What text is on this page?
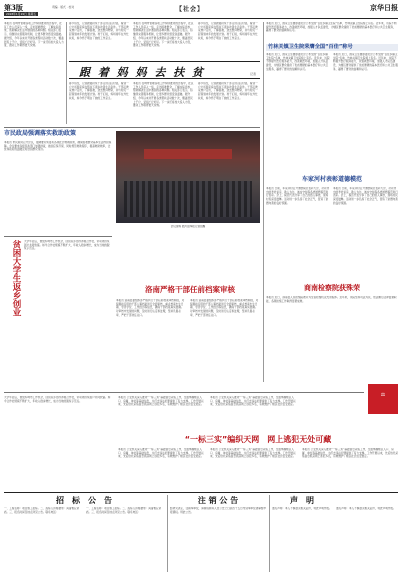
第3版
2018年1月19日 星期五
责编 · 版式 · 校对	【社会】	京华日报
本报讯 在城市管理各项工作持续推进的过程中，社区工作人员深入一线，走访困难群众，了解实际需求，帮助解决生活中遇到的各种问题。相关部门表示，将继续完善服务机制，让更多群众感受到温暖。据介绍，今年以来共开展各类帮扶活动数十次，覆盖居民上千户，受到广泛好评。下一步还将加大投入力度，推动工作取得更大实效。
春节将至，记者跟随扶贫干部走进山区村落，看到一户户贫困家庭在帮扶下逐步改善生活条件。干部们挨家挨户走访，了解困难，送去慰问物资，并与村民一起谋划来年的发展计划。孩子们说，妈妈常年在外忙扶贫，如今终于明白了她的工作意义。
本报讯 在城市管理各项工作持续推进的过程中，社区工作人员深入一线，走访困难群众，了解实际需求，帮助解决生活中遇到的各种问题。相关部门表示，将继续完善服务机制，让更多群众感受到温暖。据介绍，今年以来共开展各类帮扶活动数十次，覆盖居民上千户，受到广泛好评。下一步还将加大投入力度，推动工作取得更大实效。
春节将至，记者跟随扶贫干部走进山区村落，看到一户户贫困家庭在帮扶下逐步改善生活条件。干部们挨家挨户走访，了解困难，送去慰问物资，并与村民一起谋划来年的发展计划。孩子们说，妈妈常年在外忙扶贫，如今终于明白了她的工作意义。
跟 着 妈 妈 去 扶 贫	记者
春节将至，记者跟随扶贫干部走进山区村落，看到一户户贫困家庭在帮扶下逐步改善生活条件。干部们挨家挨户走访，了解困难，送去慰问物资，并与村民一起谋划来年的发展计划。孩子们说，妈妈常年在外忙扶贫，如今终于明白了她的工作意义。
本报讯 在城市管理各项工作持续推进的过程中，社区工作人员深入一线，走访困难群众，了解实际需求，帮助解决生活中遇到的各种问题。相关部门表示，将继续完善服务机制，让更多群众感受到温暖。据介绍，今年以来共开展各类帮扶活动数十次，覆盖居民上千户，受到广泛好评。下一步还将加大投入力度，推动工作取得更大实效。
春节将至，记者跟随扶贫干部走进山区村落，看到一户户贫困家庭在帮扶下逐步改善生活条件。干部们挨家挨户走访，了解困难，送去慰问物资，并与村民一起谋划来年的发展计划。孩子们说，妈妈常年在外忙扶贫，如今终于明白了她的工作意义。
本报讯 近日，国家卫生健康委员会公布全国“百佳乡镇卫生院”名单，竹林关镇卫生院榜上有名。近年来，该院不断提升医疗服务能力，改善就医环境，加强人才队伍建设，为辖区群众提供了优质便捷的基本医疗和公共卫生服务，赢得了群众的信赖和认可。
竹林关镇卫生院荣膺全国“百佳”称号
本报讯 近日，国家卫生健康委员会公布全国“百佳乡镇卫生院”名单，竹林关镇卫生院榜上有名。近年来，该院不断提升医疗服务能力，改善就医环境，加强人才队伍建设，为辖区群众提供了优质便捷的基本医疗和公共卫生服务，赢得了群众的信赖和认可。
本报讯 近日，国家卫生健康委员会公布全国“百佳乡镇卫生院”名单，竹林关镇卫生院榜上有名。近年来，该院不断提升医疗服务能力，改善就医环境，加强人才队伍建设，为辖区群众提供了优质便捷的基本医疗和公共卫生服务，赢得了群众的信赖和认可。
市民政局强调落实救助政策
本报讯 市民政局召开会议，强调要切实落实各项社会救助政策，确保困难群众基本生活得到保障。会议要求各级民政部门加强排查，做到应保尽保，同时规范救助程序，提高救助效率，让党和政府的温暖及时送到群众身边。
会议现场 图片由本报记者拍摄
车家河村表彰道德模范
本报讯 日前，车家河村召开道德模范表彰大会，对评选出的孝老爱亲、助人为乐、诚实守信等各类道德模范进行表彰。会上，模范代表分享了自己的感人事迹，现场村民深受鼓舞。活动进一步弘扬了社会正气，营造了崇德向善的良好氛围。
本报讯 日前，车家河村召开道德模范表彰大会，对评选出的孝老爱亲、助人为乐、诚实守信等各类道德模范进行表彰。会上，模范代表分享了自己的感人事迹，现场村民深受鼓舞。活动进一步弘扬了社会正气，营造了崇德向善的良好氛围。
贫困大学生返乡创业 大学毕业后，他放弃城市工作机会，回到家乡创办养殖合作社，带动周边贫困户共同致富。如今合作社规模不断扩大，年收入稳步增长，成为当地的脱贫示范点。
洛南严格干部任前档案审核
本报讯 洛南县委组织部严格执行干部任前档案审核制度，对拟提拔任用的干部人事档案进行全面审核，重点核查出生日期、学历学位、工作经历等信息，确保干部档案真实准确。对审核中发现的问题，及时进行认定和处理，坚持凡提必审，严把干部选任关口。
本报讯 洛南县委组织部严格执行干部任前档案审核制度，对拟提拔任用的干部人事档案进行全面审核，重点核查出生日期、学历学位、工作经历等信息，确保干部档案真实准确。对审核中发现的问题，及时进行认定和处理，坚持凡提必审，严把干部选任关口。
商南检察院获殊荣
本报讯 近日，商南县人民检察院被评为全省检察机关先进集体。近年来，该院坚持司法为民，依法履行法律监督职能，各项检察工作取得显著成效。
⚖
大学毕业后，他放弃城市工作机会，回到家乡创办养殖合作社，带动周边贫困户共同致富。如今合作社规模不断扩大，年收入稳步增长，成为当地的脱贫示范点。
“一标三实”编织天网　网上逃犯无处可藏
本报讯 公安机关深入推进“一标三实”基础信息采集工作，全面掌握辖区人口、房屋、单位等基础信息，为打击违法犯罪提供了有力支撑。工作开展以来，先后依托采集信息抓获网上逃犯多名，有效维护了辖区社会治安稳定。
本报讯 公安机关深入推进“一标三实”基础信息采集工作，全面掌握辖区人口、房屋、单位等基础信息，为打击违法犯罪提供了有力支撑。工作开展以来，先后依托采集信息抓获网上逃犯多名，有效维护了辖区社会治安稳定。
本报讯 公安机关深入推进“一标三实”基础信息采集工作，全面掌握辖区人口、房屋、单位等基础信息，为打击违法犯罪提供了有力支撑。工作开展以来，先后依托采集信息抓获网上逃犯多名，有效维护了辖区社会治安稳定。
本报讯 公安机关深入推进“一标三实”基础信息采集工作，全面掌握辖区人口、房屋、单位等基础信息，为打击违法犯罪提供了有力支撑。工作开展以来，先后依托采集信息抓获网上逃犯多名，有效维护了辖区社会治安稳定。
本报讯 公安机关深入推进“一标三实”基础信息采集工作，全面掌握辖区人口、房屋、单位等基础信息，为打击违法犯罪提供了有力支撑。工作开展以来，先后依托采集信息抓获网上逃犯多名，有效维护了辖区社会治安稳定。
招　标　公　告
一、工程名称：项目施工招标。二、投标人资格要求：具备相应资质。三、报名时间及地点详见公告。联系电话：
一、工程名称：项目施工招标。二、投标人资格要求：具备相应资质。三、报名时间及地点详见公告。联系电话：
注 销 公 告
经研究决定，注销本单位，请债权债务人自公告之日起四十五日内到本单位清算组申报债权。特此公告。
声　明
遗失声明：本人不慎遗失相关证件，特此声明作废。 遗失声明：本人不慎遗失相关证件，特此声明作废。
